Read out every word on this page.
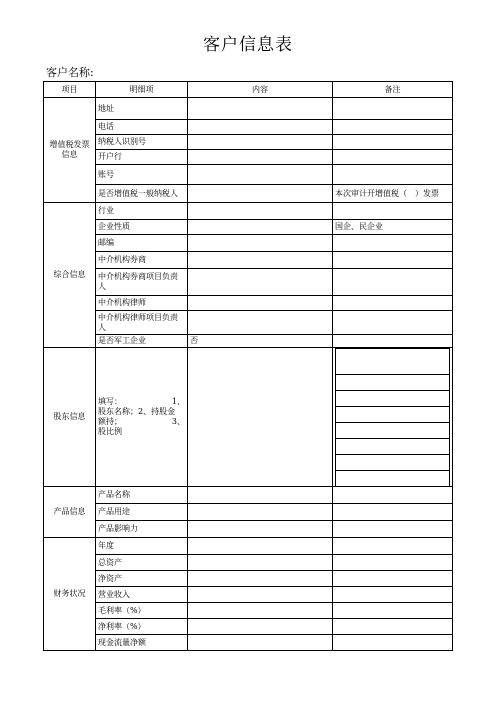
客户信息表
客户名称:
项目	明细项	内容	备注
增值税发票信息	地址		
电话		
纳税人识别号		
开户行		
账号		
是否增值税一般纳税人		本次审计开增值税（　）发票
综合信息	行业		
企业性质		国企、民企业
邮编		
中介机构券商		
中介机构券商项目负责人		
中介机构律师		
中介机构律师项目负责人		
是否军工企业	否	
股东信息	
填写：	1、
股东名称；2、持股金
额持；	3、
股比例

产品信息	产品名称		
产品用途		
产品影响力		
财务状况	年度		
总资产		
净资产		
营业收入		
毛利率（%）		
净利率（%）		
现金流量净额		
